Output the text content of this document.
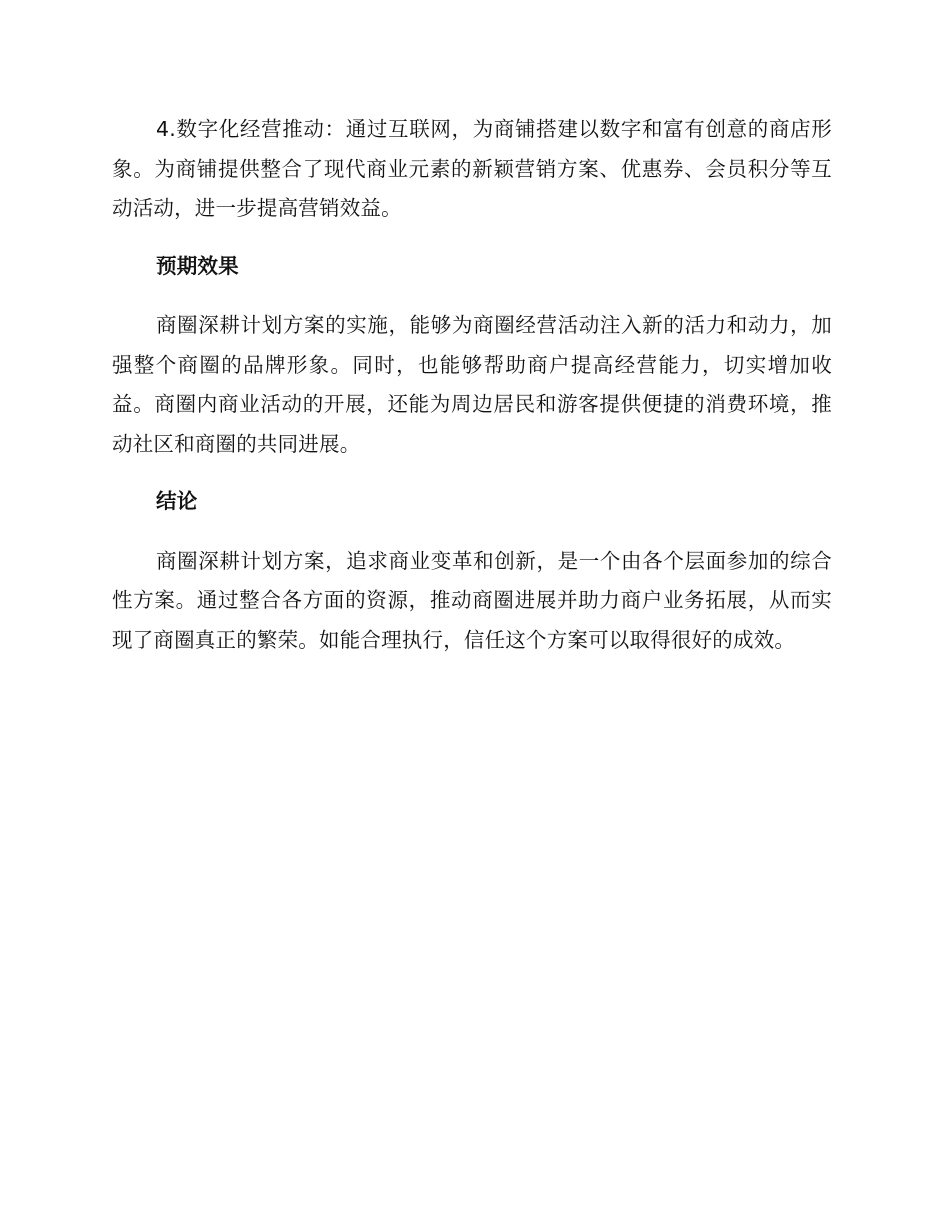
4.数字化经营推动：通过互联网，为商铺搭建以数字和富有创意的商店形象。为商铺提供整合了现代商业元素的新颖营销方案、优惠券、会员积分等互动活动，进一步提高营销效益。

预期效果

商圈深耕计划方案的实施，能够为商圈经营活动注入新的活力和动力，加强整个商圈的品牌形象。同时，也能够帮助商户提高经营能力，切实增加收益。商圈内商业活动的开展，还能为周边居民和游客提供便捷的消费环境，推动社区和商圈的共同进展。

结论

商圈深耕计划方案，追求商业变革和创新，是一个由各个层面参加的综合性方案。通过整合各方面的资源，推动商圈进展并助力商户业务拓展，从而实现了商圈真正的繁荣。如能合理执行，信任这个方案可以取得很好的成效。
